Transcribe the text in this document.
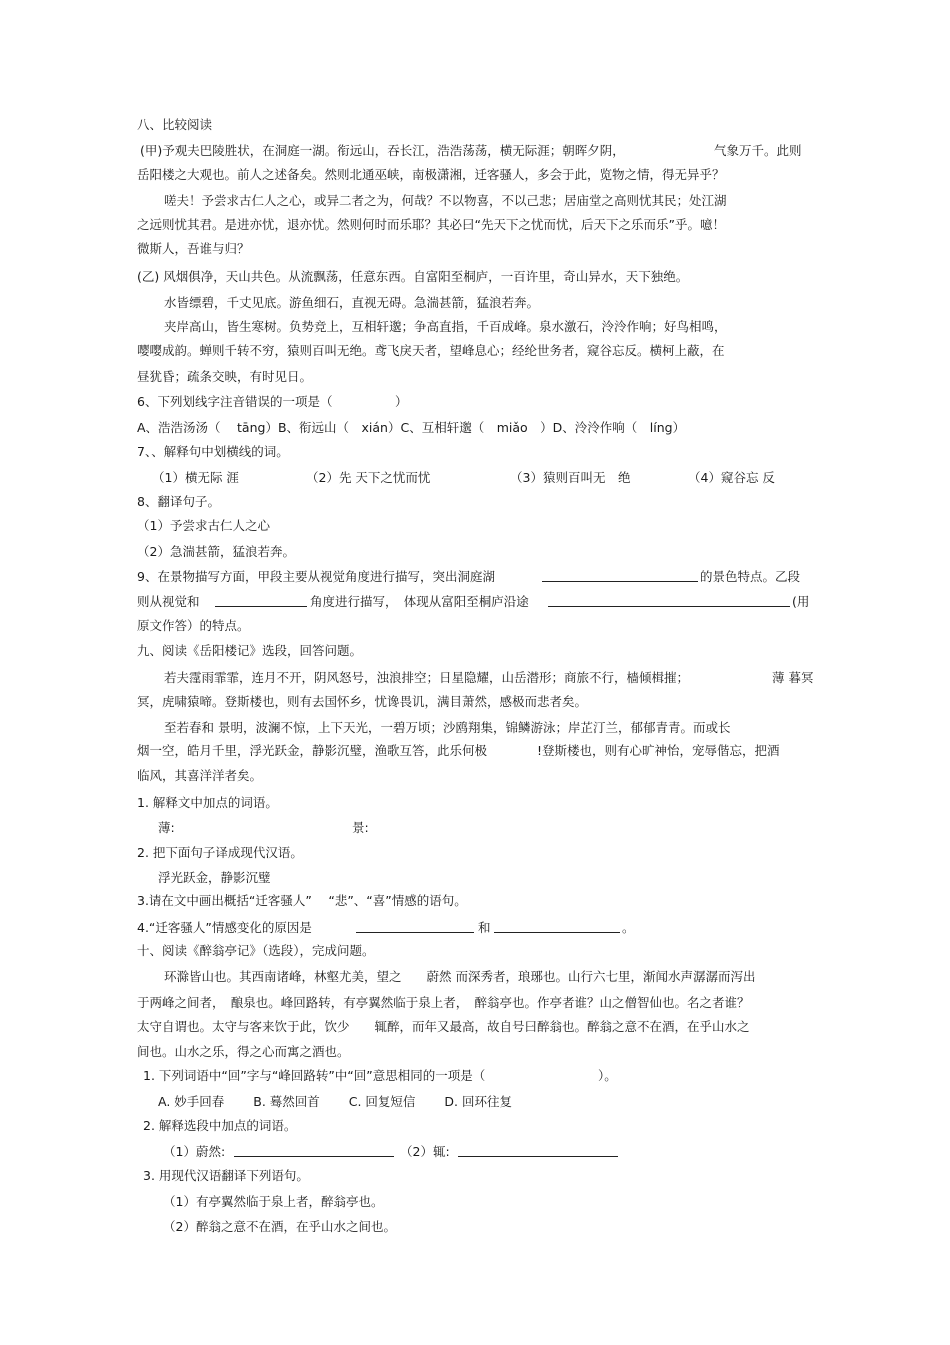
八、比较阅读
(甲)予观夫巴陵胜状，在洞庭一湖。衔远山，吞长江，浩浩荡荡，横无际涯；朝晖夕阴，	气象万千。此则
岳阳楼之大观也。前人之述备矣。然则北通巫峡，南极潇湘，迁客骚人，多会于此，览物之情，得无异乎？
嗟夫！予尝求古仁人之心，或异二者之为，何哉？不以物喜，不以己悲；居庙堂之高则忧其民；处江湖
之远则忧其君。是进亦忧，退亦忧。然则何时而乐耶？其必曰“先天下之忧而忧，后天下之乐而乐”乎。噫！
微斯人，吾谁与归？
(乙) 风烟俱净，天山共色。从流飘荡，任意东西。自富阳至桐庐，一百许里，奇山异水，天下独绝。
水皆缥碧，千丈见底。游鱼细石，直视无碍。急湍甚箭，猛浪若奔。
夹岸高山，皆生寒树。负势竞上，互相轩邈；争高直指，千百成峰。泉水激石，泠泠作响；好鸟相鸣，
嘤嘤成韵。蝉则千转不穷，猿则百叫无绝。鸢飞戾天者，望峰息心；经纶世务者，窥谷忘反。横柯上蔽，在
昼犹昏；疏条交映，有时见日。
6、下列划线字注音错误的一项是（	）
A、浩浩汤汤（　 tāng）B、衔远山（　xián）C、互相轩邈（　miǎo　）D、泠泠作响（　líng）
7、、解释句中划横线的词。
（1）横无际 涯	（2）先 天下之忧而忧	（3）猿则百叫无　绝	（4）窥谷忘 反
8、翻译句子。
（1）予尝求古仁人之心
（2）急湍甚箭，猛浪若奔。
9、在景物描写方面，甲段主要从视觉角度进行描写，突出洞庭湖	的景色特点。乙段
则从视觉和	角度进行描写，　体现从富阳至桐庐沿途	(用
原文作答）的特点。
九、阅读《岳阳楼记》选段，回答问题。
若夫霪雨霏霏，连月不开，阴风怒号，浊浪排空；日星隐耀，山岳潜形；商旅不行，樯倾楫摧；	薄 暮冥
冥，虎啸猿啼。登斯楼也，则有去国怀乡，忧谗畏讥，满目萧然，感极而悲者矣。
至若春和 景明，波澜不惊，上下天光，一碧万顷；沙鸥翔集，锦鳞游泳；岸芷汀兰，郁郁青青。而或长
烟一空，皓月千里，浮光跃金，静影沉璧，渔歌互答，此乐何极	!登斯楼也，则有心旷神怡，宠辱偕忘，把酒
临风，其喜洋洋者矣。
1. 解释文中加点的词语。
薄:	景:
2. 把下面句子译成现代汉语。
浮光跃金，静影沉璧
3.请在文中画出概括“迁客骚人”　 “悲”、“喜”情感的语句。
4.“迁客骚人”情感变化的原因是	和	。
十、阅读《醉翁亭记》（选段），完成问题。
环滁皆山也。其西南诸峰，林壑尤美，望之　　蔚然 而深秀者，琅琊也。山行六七里，渐闻水声潺潺而泻出
于两峰之间者，　酿泉也。峰回路转，有亭翼然临于泉上者，　醉翁亭也。作亭者谁？山之僧智仙也。名之者谁？
太守自谓也。太守与客来饮于此，饮少　　辄醉，而年又最高，故自号曰醉翁也。醉翁之意不在酒，在乎山水之
间也。山水之乐，得之心而寓之酒也。
1. 下列词语中“回”字与“峰回路转”中“回”意思相同的一项是（	）。
A. 妙手回春　　 B. 蓦然回首　　 C. 回复短信　　 D. 回环往复
2. 解释选段中加点的词语。
（1）蔚然:	（2）辄:
3. 用现代汉语翻译下列语句。
（1）有亭翼然临于泉上者，醉翁亭也。
（2）醉翁之意不在酒，在乎山水之间也。
